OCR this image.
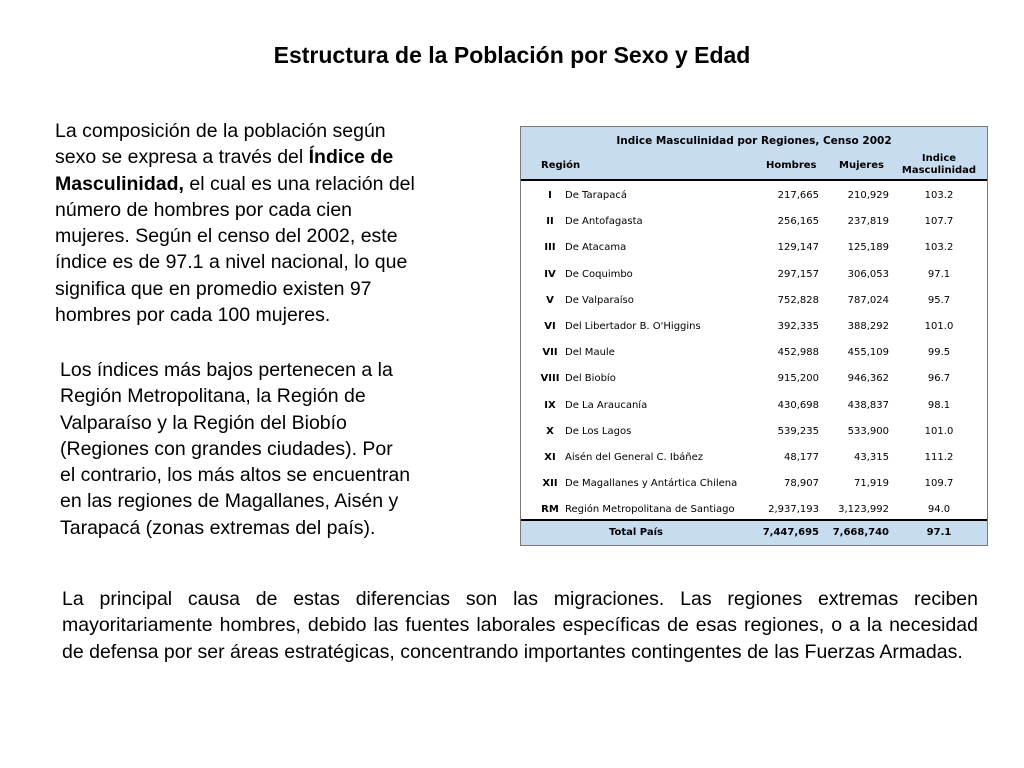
Estructura de la Población por Sexo y Edad
La composición de la población según
sexo se expresa a través del Índice de
Masculinidad, el cual es una relación del
número de hombres por cada cien
mujeres. Según el censo del 2002, este
índice es de 97.1 a nivel nacional, lo que
significa que en promedio existen 97
hombres por cada 100 mujeres.
Los índices más bajos pertenecen a la
Región Metropolitana, la Región de
Valparaíso y la Región del Biobío
(Regiones con grandes ciudades). Por
el contrario, los más altos se encuentran
en las regiones de Magallanes, Aisén y
Tarapacá (zonas extremas del país).
La principal causa de estas diferencias son las migraciones. Las regiones extremas reciben mayoritariamente hombres, debido las fuentes laborales específicas de esas regiones, o a la necesidad de defensa por ser áreas estratégicas, concentrando importantes contingentes de las Fuerzas Armadas.
Indice Masculinidad por Regiones, Censo 2002
Región	Hombres Mujeres
Indice
Masculinidad
I	De Tarapacá	217,665	210,929	103.2
II	De Antofagasta	256,165	237,819	107.7
III De Atacama	129,147	125,189	103.2
IV De Coquimbo	297,157	306,053	97.1
V	De Valparaíso	752,828	787,024	95.7
VI Del Libertador B. O'Higgins	392,335	388,292	101.0
VII Del Maule	452,988	455,109	99.5
VIII Del Biobío	915,200	946,362	96.7
IX De La Araucanía	430,698	438,837	98.1
X	De Los Lagos	539,235	533,900	101.0
XI Aisén del General C. Ibáñez	48,177	43,315	111.2
XII De Magallanes y Antártica Chilena	78,907	71,919	109.7
RM Región Metropolitana de Santiago	2,937,193	3,123,992	94.0
Total País	7,447,695	7,668,740	97.1
